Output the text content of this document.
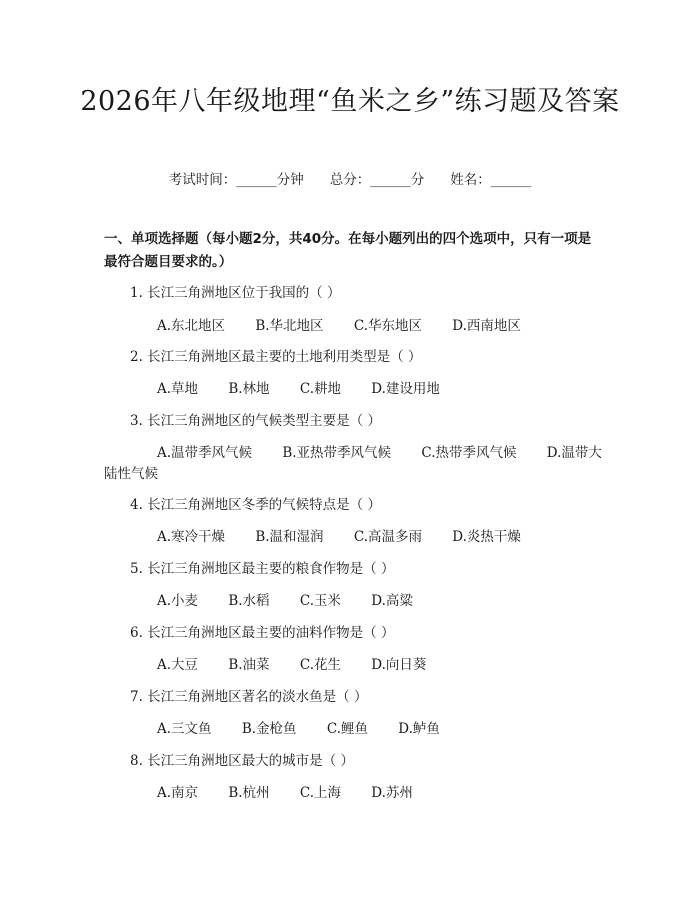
2026年八年级地理“鱼米之乡”练习题及答案
考试时间：______分钟 总分：______分 姓名：______
一、单项选择题（每小题2分，共40分。在每小题列出的四个选项中，只有一项是最符合题目要求的。）
1. 长江三角洲地区位于我国的（ ）
A.东北地区 B.华北地区 C.华东地区 D.西南地区
2. 长江三角洲地区最主要的土地利用类型是（ ）
A.草地 B.林地 C.耕地 D.建设用地
3. 长江三角洲地区的气候类型主要是（ ）
A.温带季风气候 B.亚热带季风气候 C.热带季风气候 D.温带大
陆性气候
4. 长江三角洲地区冬季的气候特点是（ ）
A.寒冷干燥 B.温和湿润 C.高温多雨 D.炎热干燥
5. 长江三角洲地区最主要的粮食作物是（ ）
A.小麦 B.水稻 C.玉米 D.高粱
6. 长江三角洲地区最主要的油料作物是（ ）
A.大豆 B.油菜 C.花生 D.向日葵
7. 长江三角洲地区著名的淡水鱼是（ ）
A.三文鱼 B.金枪鱼 C.鲤鱼 D.鲈鱼
8. 长江三角洲地区最大的城市是（ ）
A.南京 B.杭州 C.上海 D.苏州
